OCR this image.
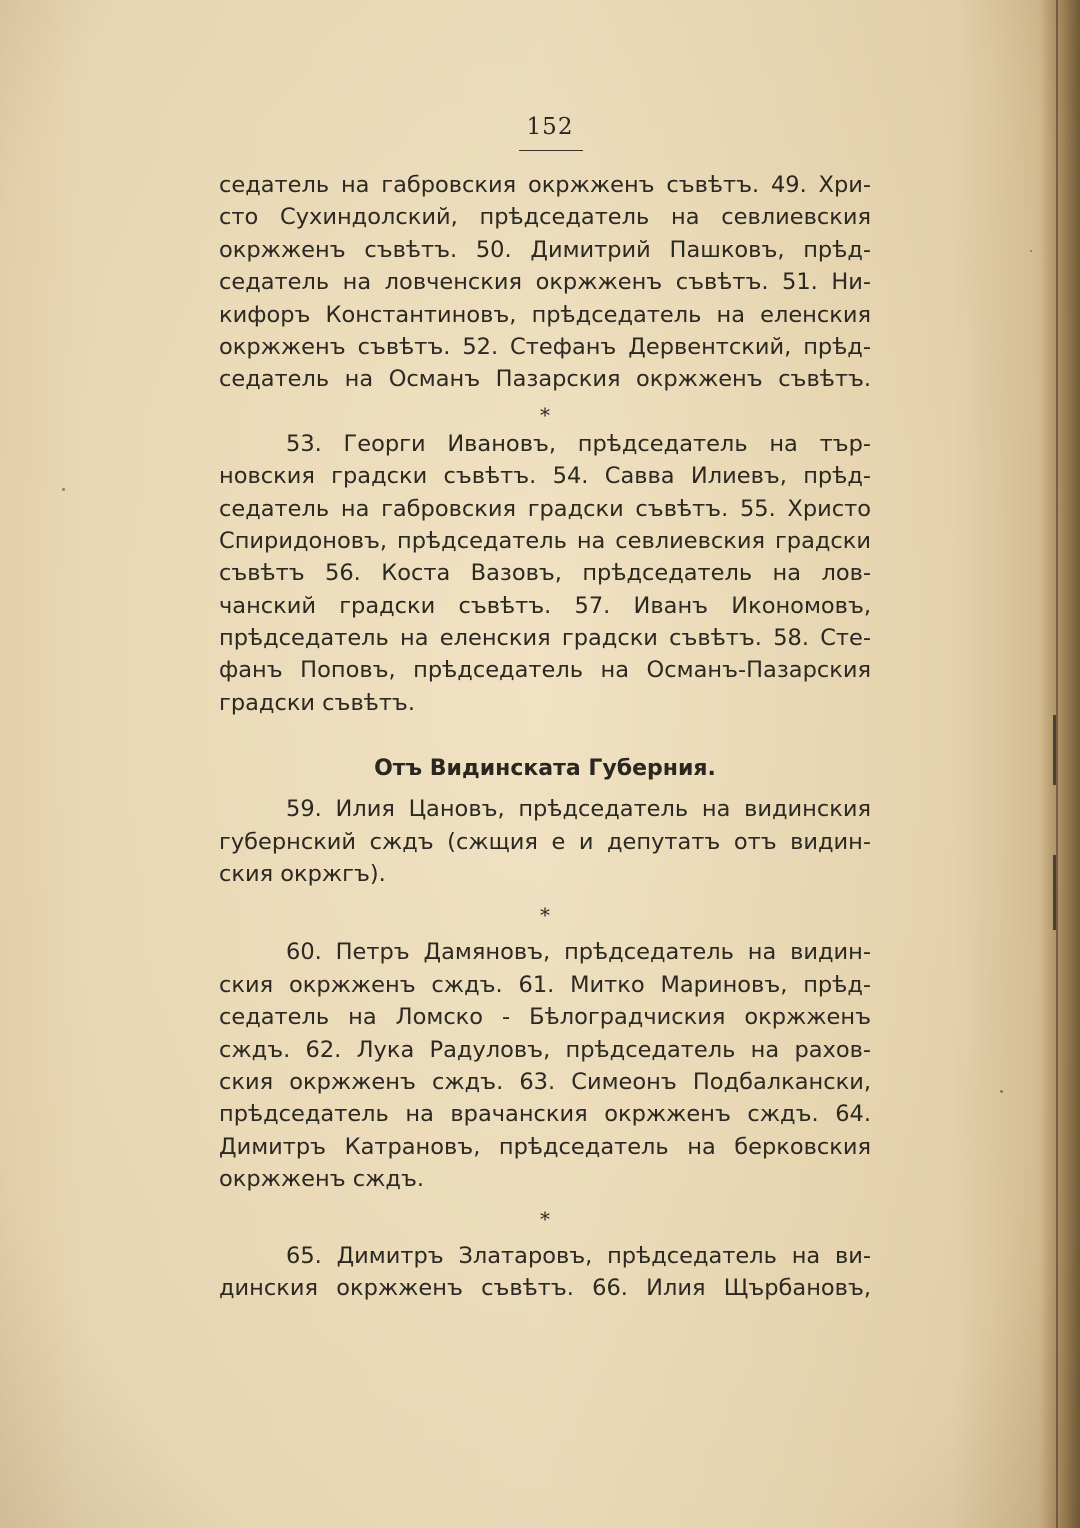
152
седатель на габровския окржженъ съвѣтъ. 49. Хри-
сто Сухиндолский, прѣдседатель на севлиевския
окржженъ съвѣтъ. 50. Димитрий Пашковъ, прѣд-
седатель на ловченския окржженъ съвѣтъ. 51. Ни-
кифоръ Константиновъ, прѣдседатель на еленския
окржженъ съвѣтъ. 52. Стефанъ Дервентский, прѣд-
седатель на Османъ Пазарския окржженъ съвѣтъ.
*
53. Георги Ивановъ, прѣдседатель на тър-
новския градски съвѣтъ. 54. Савва Илиевъ, прѣд-
седатель на габровския градски съвѣтъ. 55. Христо
Спиридоновъ, прѣдседатель на севлиевския градски
съвѣтъ 56. Коста Вазовъ, прѣдседатель на лов-
чанский градски съвѣтъ. 57. Иванъ Икономовъ,
прѣдседатель на еленския градски съвѣтъ. 58. Сте-
фанъ Поповъ, прѣдседатель на Османъ-Пазарския
градски съвѣтъ.
Отъ Видинската Губерния.
59. Илия Цановъ, прѣдседатель на видинския
губернский сждъ (сжщия е и депутатъ отъ видин-
ския окржгъ).
*
60. Петръ Дамяновъ, прѣдседатель на видин-
ския окржженъ сждъ. 61. Митко Мариновъ, прѣд-
седатель на Ломско - Бѣлоградчиския окржженъ
сждъ. 62. Лука Радуловъ, прѣдседатель на рахов-
ския окржженъ сждъ. 63. Симеонъ Подбалкански,
прѣдседатель на врачанския окржженъ сждъ. 64.
Димитръ Катрановъ, прѣдседатель на берковския
окржженъ сждъ.
*
65. Димитръ Златаровъ, прѣдседатель на ви-
динския окржженъ съвѣтъ. 66. Илия Щърбановъ,
